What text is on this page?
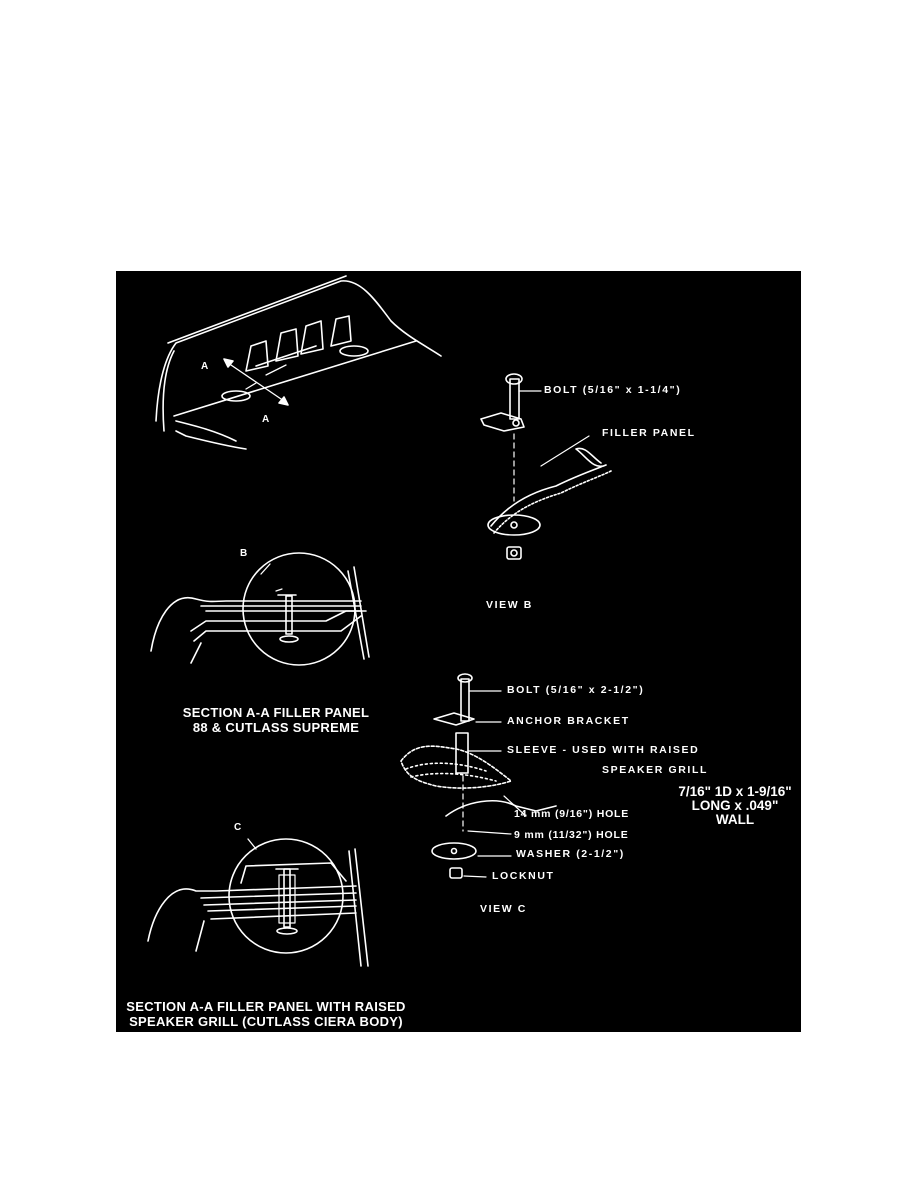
A
A
B
C
BOLT (5/16" x 1-1/4")
FILLER PANEL
VIEW B
BOLT (5/16" x 2-1/2")
ANCHOR BRACKET
SLEEVE - USED WITH RAISED
SPEAKER GRILL
7/16" 1D x 1-9/16"
LONG x .049"
WALL
14 mm (9/16") HOLE
9 mm (11/32") HOLE
WASHER (2-1/2")
LOCKNUT
VIEW C
SECTION A-A FILLER PANEL
88 & CUTLASS SUPREME
SECTION A-A FILLER PANEL WITH RAISED
SPEAKER GRILL (CUTLASS CIERA BODY)
